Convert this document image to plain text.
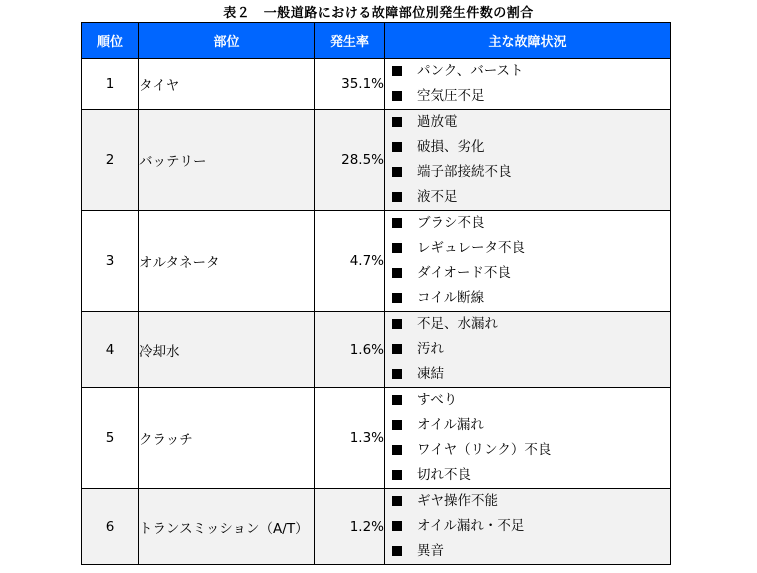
表２　一般道路における故障部位別発生件数の割合
順位	部位	発生率	主な故障状況
1	タイヤ	35.1%	パンク、バースト
空気圧不足

2	バッテリー	28.5%	過放電
破損、劣化
端子部接続不良
液不足

3	オルタネータ	4.7%	ブラシ不良
レギュレータ不良
ダイオード不良
コイル断線

4	冷却水	1.6%	不足、水漏れ
汚れ
凍結

5	クラッチ	1.3%	すべり
オイル漏れ
ワイヤ（リンク）不良
切れ不良

6	トランスミッション（A/T）	1.2%	ギヤ操作不能
オイル漏れ・不足
異音
